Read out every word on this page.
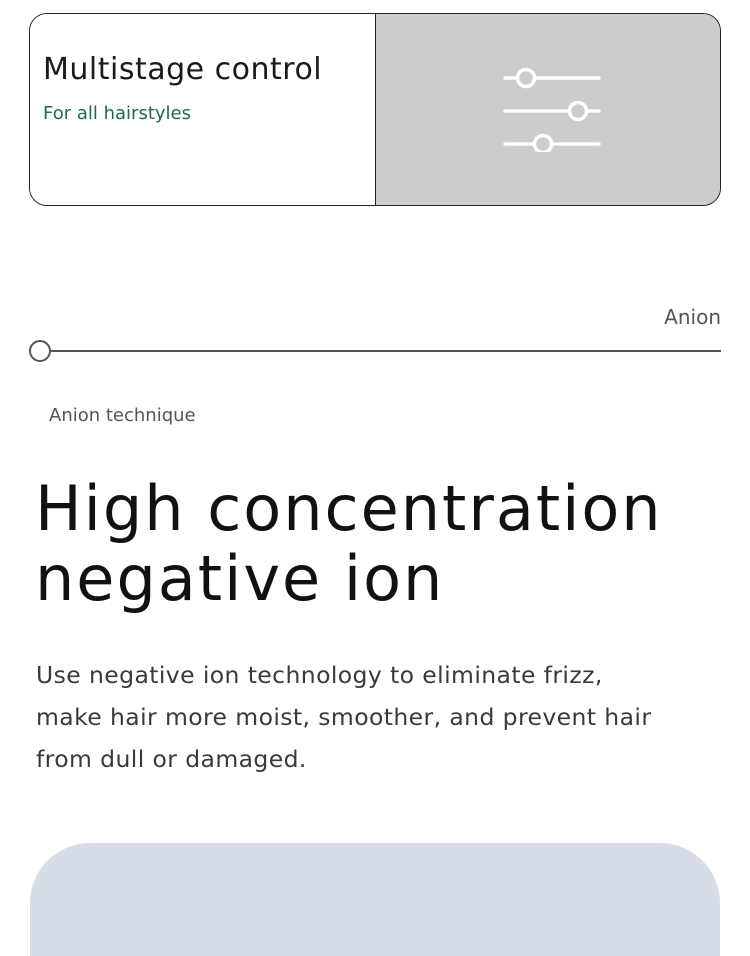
Multistage control
For all hairstyles
Anion
Anion technique
High concentration
negative ion

Use negative ion technology to eliminate frizz,
make hair more moist, smoother, and prevent hair
from dull or damaged.
